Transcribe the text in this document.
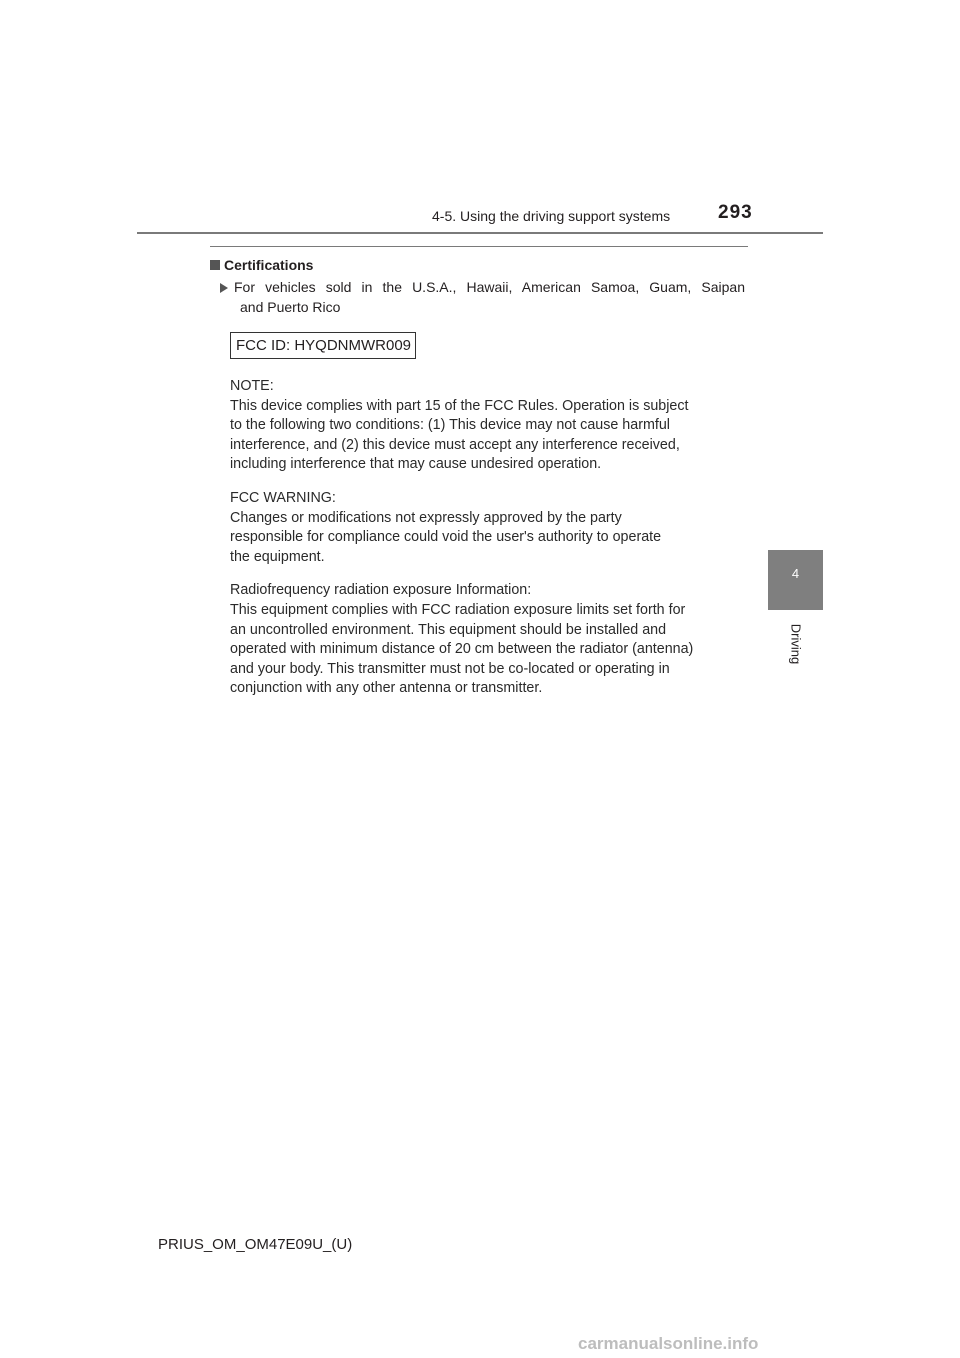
4-5. Using the driving support systems	293
Certifications
For vehicles sold in the U.S.A., Hawaii, American Samoa, Guam, Saipan
and Puerto Rico
FCC ID: HYQDNMWR009

NOTE:
This device complies with part 15 of the FCC Rules. Operation is subject
to the following two conditions: (1) This device may not cause harmful
interference, and (2) this device must accept any interference received,
including interference that may cause undesired operation.

FCC WARNING:
Changes or modifications not expressly approved by the party
responsible for compliance could void the user's authority to operate
the equipment.

Radiofrequency radiation exposure Information:
This equipment complies with FCC radiation exposure limits set forth for
an uncontrolled environment. This equipment should be installed and
operated with minimum distance of 20 cm between the radiator (antenna)
and your body. This transmitter must not be co-located or operating in
conjunction with any other antenna or transmitter.

4
Driving
PRIUS_OM_OM47E09U_(U)
carmanualsonline.info
